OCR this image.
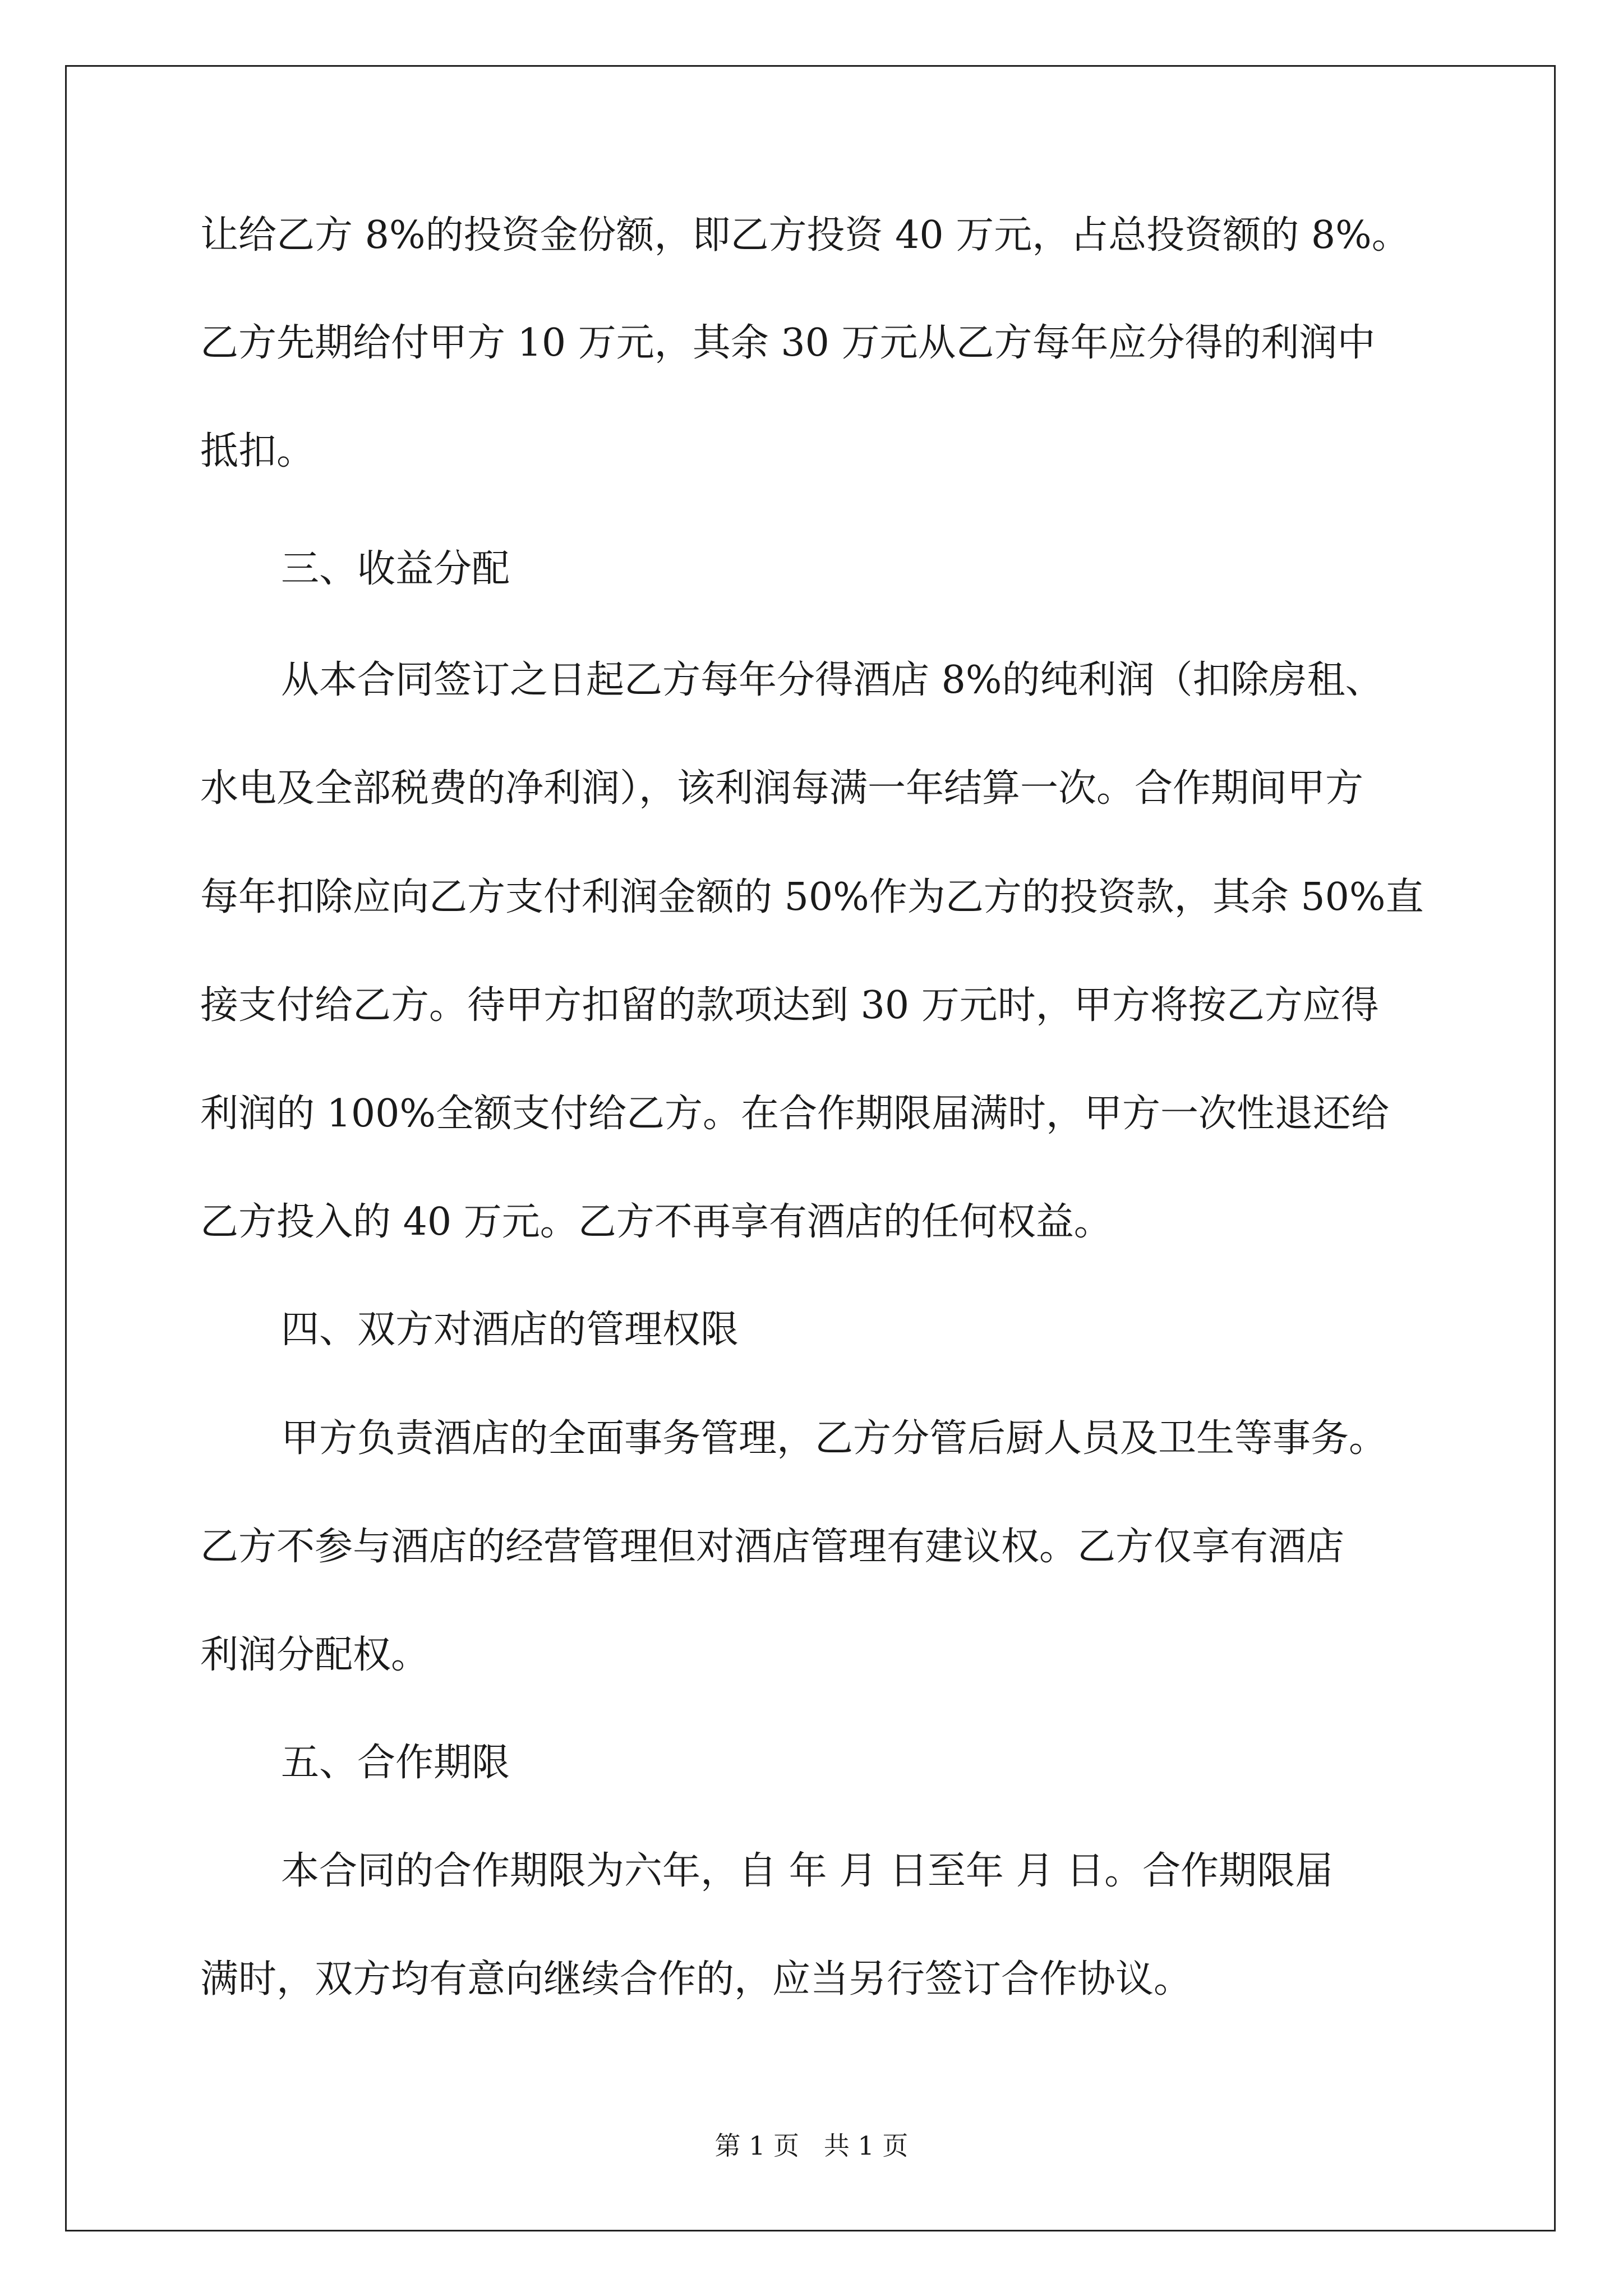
让给乙方 8%的投资金份额，即乙方投资 40 万元，占总投资额的 8%。
乙方先期给付甲方 10 万元，其余 30 万元从乙方每年应分得的利润中
抵扣。
三、收益分配
从本合同签订之日起乙方每年分得酒店 8%的纯利润（扣除房租、
水电及全部税费的净利润），该利润每满一年结算一次。合作期间甲方
每年扣除应向乙方支付利润金额的 50%作为乙方的投资款，其余 50%直
接支付给乙方。待甲方扣留的款项达到 30 万元时，甲方将按乙方应得
利润的 100%全额支付给乙方。在合作期限届满时，甲方一次性退还给
乙方投入的 40 万元。乙方不再享有酒店的任何权益。
四、双方对酒店的管理权限
甲方负责酒店的全面事务管理，乙方分管后厨人员及卫生等事务。
乙方不参与酒店的经营管理但对酒店管理有建议权。乙方仅享有酒店
利润分配权。
五、合作期限
本合同的合作期限为六年，自 年 月 日至年 月 日。合作期限届
满时，双方均有意向继续合作的，应当另行签订合作协议。
第 1 页   共 1 页
